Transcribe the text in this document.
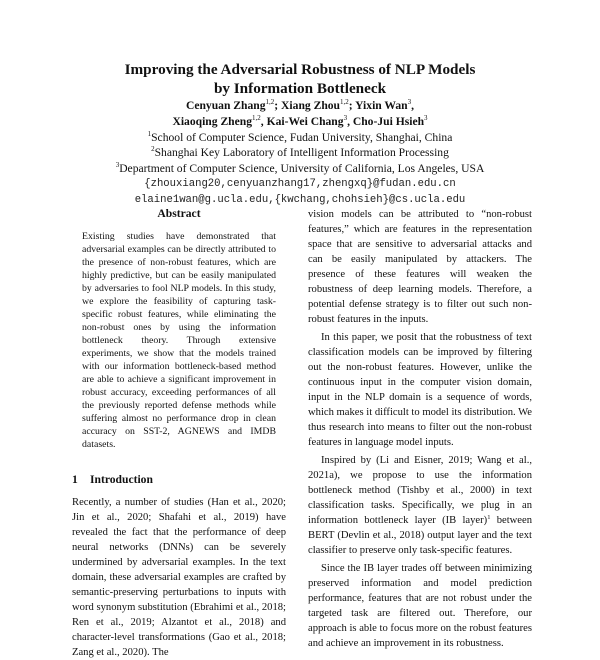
Improving the Adversarial Robustness of NLP Models
by Information Bottleneck
Cenyuan Zhang$^{1,2}$; Xiang Zhou$^{1,2}$; Yixin Wan$^3$,
Xiaoqing Zheng$^{1,2}$, Kai-Wei Chang$^3$, Cho-Jui Hsieh$^3$
$^1$School of Computer Science, Fudan University, Shanghai, China
$^2$Shanghai Key Laboratory of Intelligent Information Processing
$^3$Department of Computer Science, University of California, Los Angeles, USA
{zhouxiang20,cenyuanzhang17,zhengxq}@fudan.edu.cn
elaine1wan@g.ucla.edu,{kwchang,chohsieh}@cs.ucla.edu
Abstract

Existing studies have demonstrated that adversarial examples can be directly attributed to the presence of non-robust features, which are highly predictive, but can be easily manipulated by adversaries to fool NLP models. In this study, we explore the feasibility of capturing task-specific robust features, while eliminating the non-robust ones by using the information bottleneck theory. Through extensive experiments, we show that the models trained with our information bottleneck-based method are able to achieve a significant improvement in robust accuracy, exceeding performances of all the previously reported defense methods while suffering almost no performance drop in clean accuracy on SST-2, AGNEWS and IMDB datasets.

1 Introduction

Recently, a number of studies (Han et al., 2020; Jin et al., 2020; Shafahi et al., 2019) have revealed the fact that the performance of deep neural networks (DNNs) can be severely undermined by adversarial examples. In the text domain, these adversarial examples are crafted by semantic-preserving perturbations to inputs with word synonym substitution (Ebrahimi et al., 2018; Ren et al., 2019; Alzantot et al., 2018) and character-level transformations (Gao et al., 2018; Zang et al., 2020). The

vision models can be attributed to “non-robust features,” which are features in the representation space that are sensitive to adversarial attacks and can be easily manipulated by attackers. The presence of these features will weaken the robustness of deep learning models. Therefore, a potential defense strategy is to filter out such non-robust features in the inputs.

In this paper, we posit that the robustness of text classification models can be improved by filtering out the non-robust features. However, unlike the continuous input in the computer vision domain, input in the NLP domain is a sequence of words, which makes it difficult to model its distribution. We thus research into means to filter out the non-robust features in language model inputs.

Inspired by (Li and Eisner, 2019; Wang et al., 2021a), we propose to use the information bottleneck method (Tishby et al., 2000) in text classification tasks. Specifically, we plug in an information bottleneck layer (IB layer)$^1$ between BERT (Devlin et al., 2018) output layer and the text classifier to preserve only task-specific features.

Since the IB layer trades off between minimizing preserved information and model prediction performance, features that are not robust under the targeted task are filtered out. Therefore, our approach is able to focus more on the robust features and achieve an improvement in its robustness.
